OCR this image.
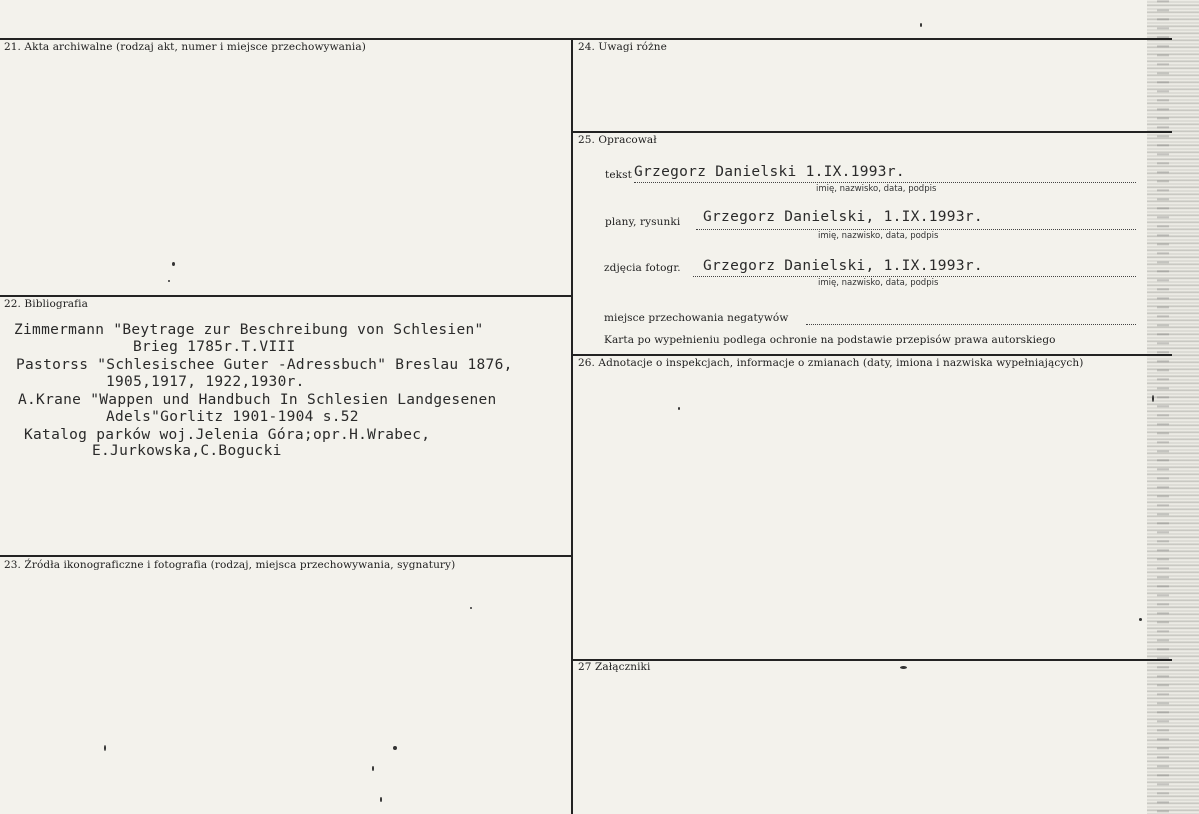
21. Akta archiwalne (rodzaj akt, numer i miejsce przechowywania)
22. Bibliografia
Zimmermann "Beytrage zur Beschreibung von Schlesien"
Brieg 1785r.T.VIII
Pastorss "Schlesischee Guter -Adressbuch" Breslau 1876,
1905,1917, 1922,1930r.
A.Krane "Wappen und Handbuch In Schlesien Landgesenen
Adels"Gorlitz 1901-1904 s.52
Katalog parków woj.Jelenia Góra;opr.H.Wrabec,
E.Jurkowska,C.Bogucki
23. Źródła ikonograficzne i fotografia (rodzaj, miejsca przechowywania, sygnatury)
24. Uwagi różne
25. Opracował
tekst Grzegorz Danielski 1.IX.1993r.
imię, nazwisko, data, podpis
plany, rysunki Grzegorz Danielski, 1.IX.1993r.
imię, nazwisko, data, podpis
zdjęcia fotogr. Grzegorz Danielski, 1.IX.1993r.
imię, nazwisko, data, podpis
miejsce przechowania negatywów
Karta po wypełnieniu podlega ochronie na podstawie przepisów prawa autorskiego
26. Adnotacje o inspekcjach, informacje o zmianach (daty, imiona i nazwiska wypełniających)
27 Załączniki
